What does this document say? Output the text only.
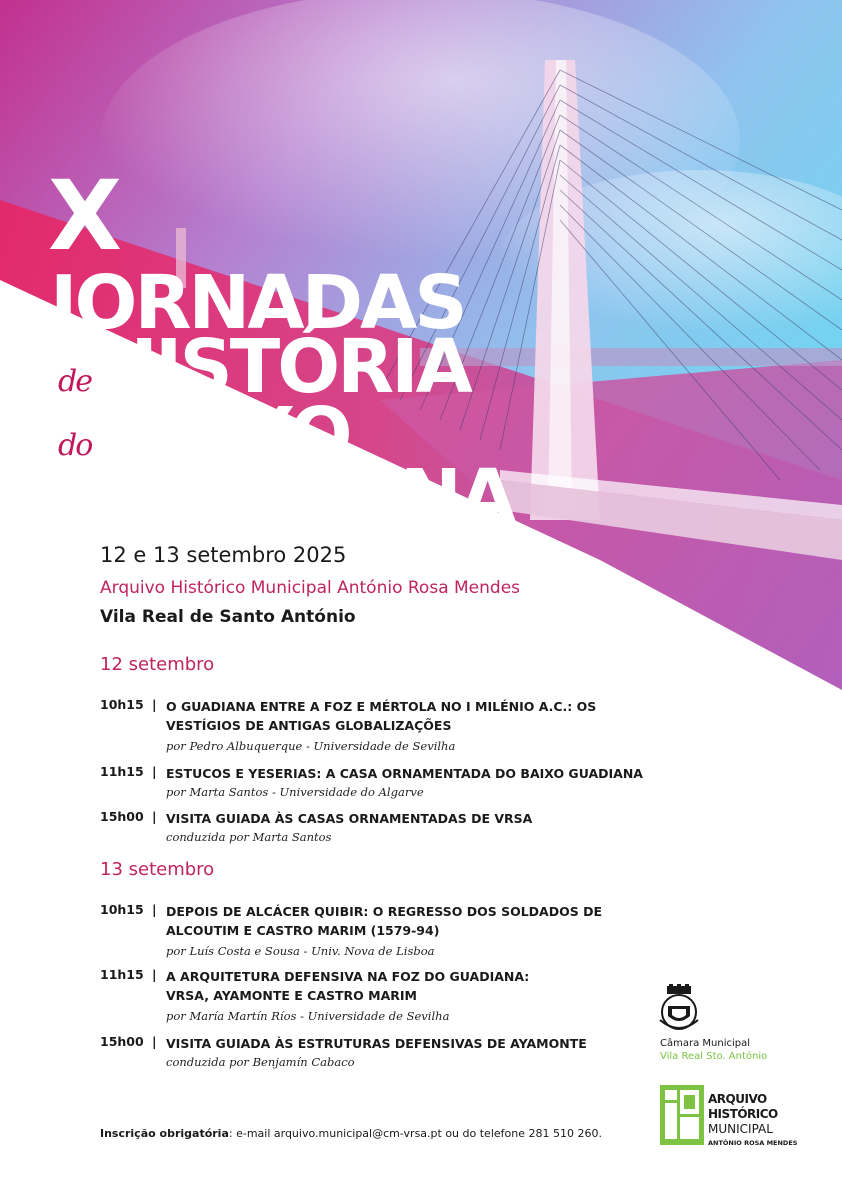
X
JORNADAS
de HISTÓRIA
do BAIXO
GUADIANA
12 e 13 setembro 2025
Arquivo Histórico Municipal António Rosa Mendes
Vila Real de Santo António
12 setembro
10h15 | O GUADIANA ENTRE A FOZ E MÉRTOLA NO I MILÉNIO A.C.: OS VESTÍGIOS DE ANTIGAS GLOBALIZAÇÕES
por Pedro Albuquerque - Universidade de Sevilha
11h15 | ESTUCOS E YESERIAS: A CASA ORNAMENTADA DO BAIXO GUADIANA
por Marta Santos - Universidade do Algarve
15h00 | VISITA GUIADA ÀS CASAS ORNAMENTADAS DE VRSA
conduzida por Marta Santos
13 setembro
10h15 | DEPOIS DE ALCÁCER QUIBIR: O REGRESSO DOS SOLDADOS DE ALCOUTIM E CASTRO MARIM (1579-94)
por Luís Costa e Sousa - Univ. Nova de Lisboa
11h15 | A ARQUITETURA DEFENSIVA NA FOZ DO GUADIANA: VRSA, AYAMONTE E CASTRO MARIM
por María Martín Ríos - Universidade de Sevilha
15h00 | VISITA GUIADA ÀS ESTRUTURAS DEFENSIVAS DE AYAMONTE
conduzida por Benjamín Cabaco
Inscrição obrigatória: e-mail arquivo.municipal@cm-vrsa.pt ou do telefone 281 510 260.
Câmara Municipal
Vila Real Sto. António
ARQUIVO
HISTÓRICO
MUNICIPAL
ANTÓNIO ROSA MENDES
